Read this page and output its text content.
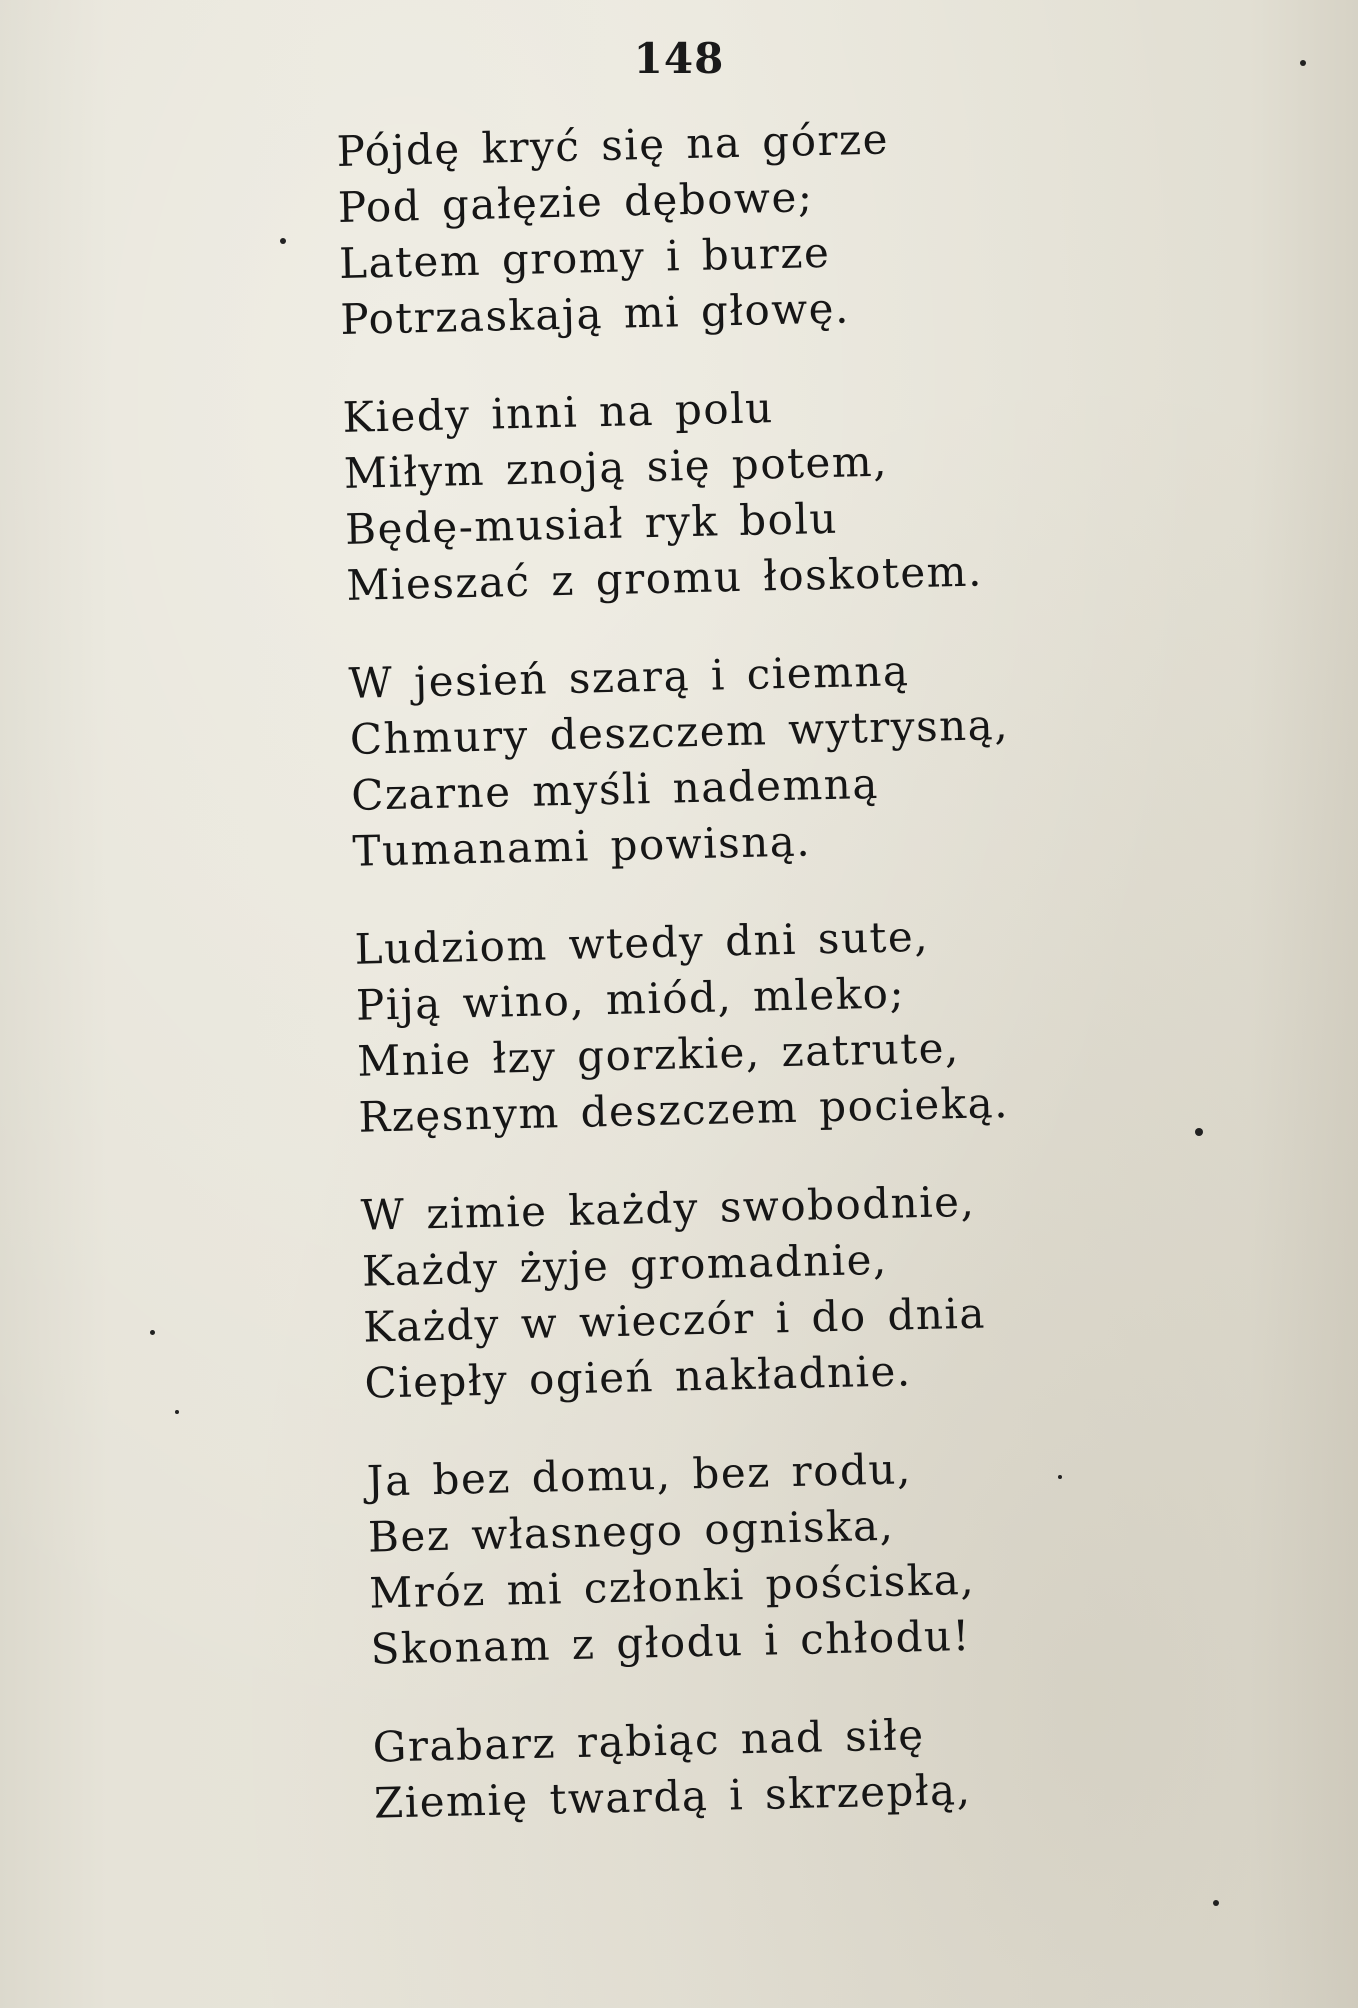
148
Pójdę kryć się na górze
Pod gałęzie dębowe;
Latem gromy i burze
Potrzaskają mi głowę.
Kiedy inni na polu
Miłym znoją się potem,
Będę-musiał ryk bolu
Mieszać z gromu łoskotem.
W jesień szarą i ciemną
Chmury deszczem wytrysną,
Czarne myśli nademną
Tumanami powisną.
Ludziom wtedy dni sute,
Piją wino, miód, mleko;
Mnie łzy gorzkie, zatrute,
Rzęsnym deszczem pocieką.
W zimie każdy swobodnie,
Każdy żyje gromadnie,
Każdy w wieczór i do dnia
Ciepły ogień nakładnie.
Ja bez domu, bez rodu,
Bez własnego ogniska,
Mróz mi członki pościska,
Skonam z głodu i chłodu!
Grabarz rąbiąc nad siłę
Ziemię twardą i skrzepłą,
